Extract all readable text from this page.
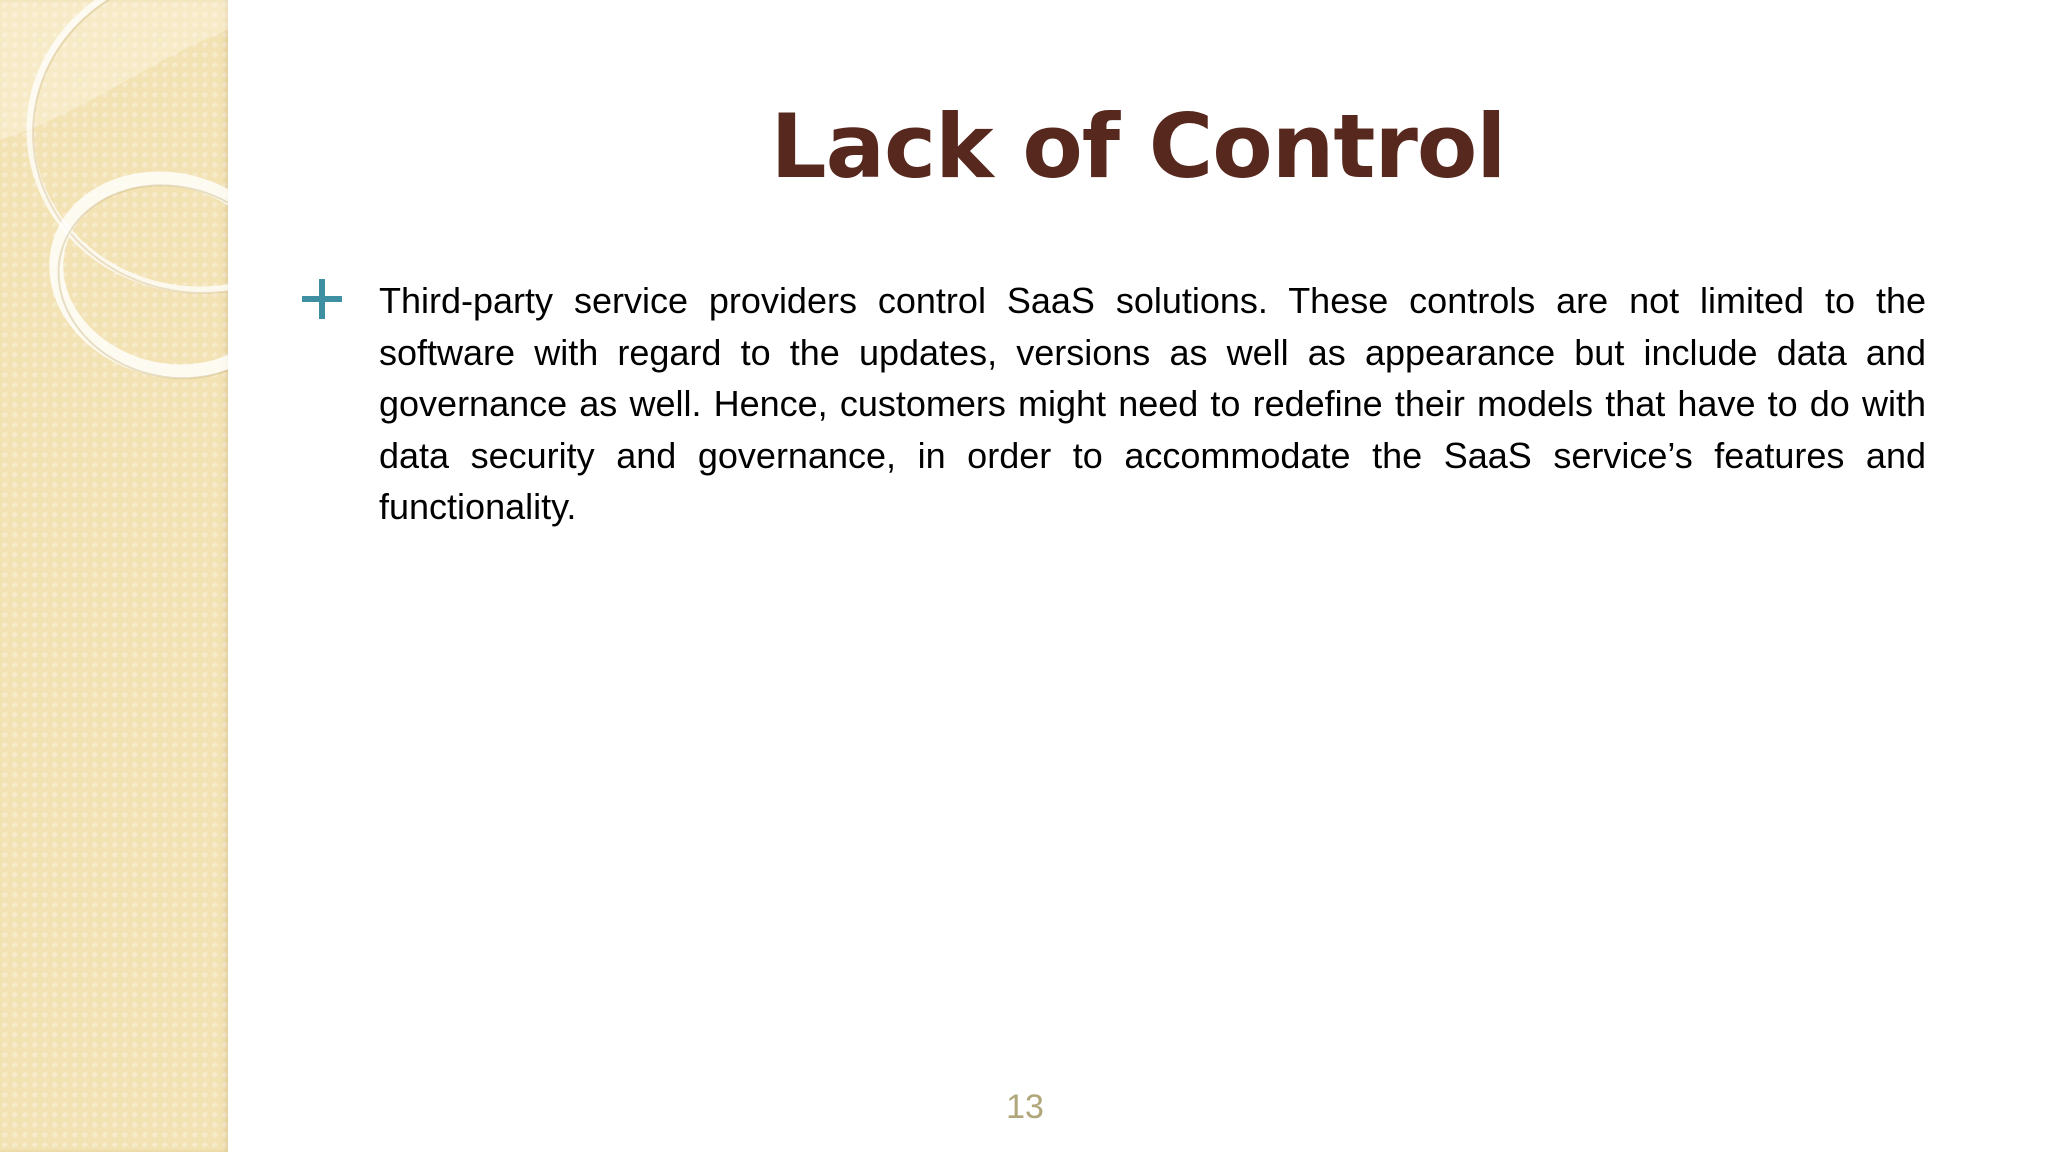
Lack of Control

Third-party service providers control SaaS solutions. These controls are not limited to the software with regard to the updates, versions as well as appearance but include data and governance as well. Hence, customers might need to redefine their models that have to do with data security and governance, in order to accommodate the SaaS service’s features and functionality.

13
